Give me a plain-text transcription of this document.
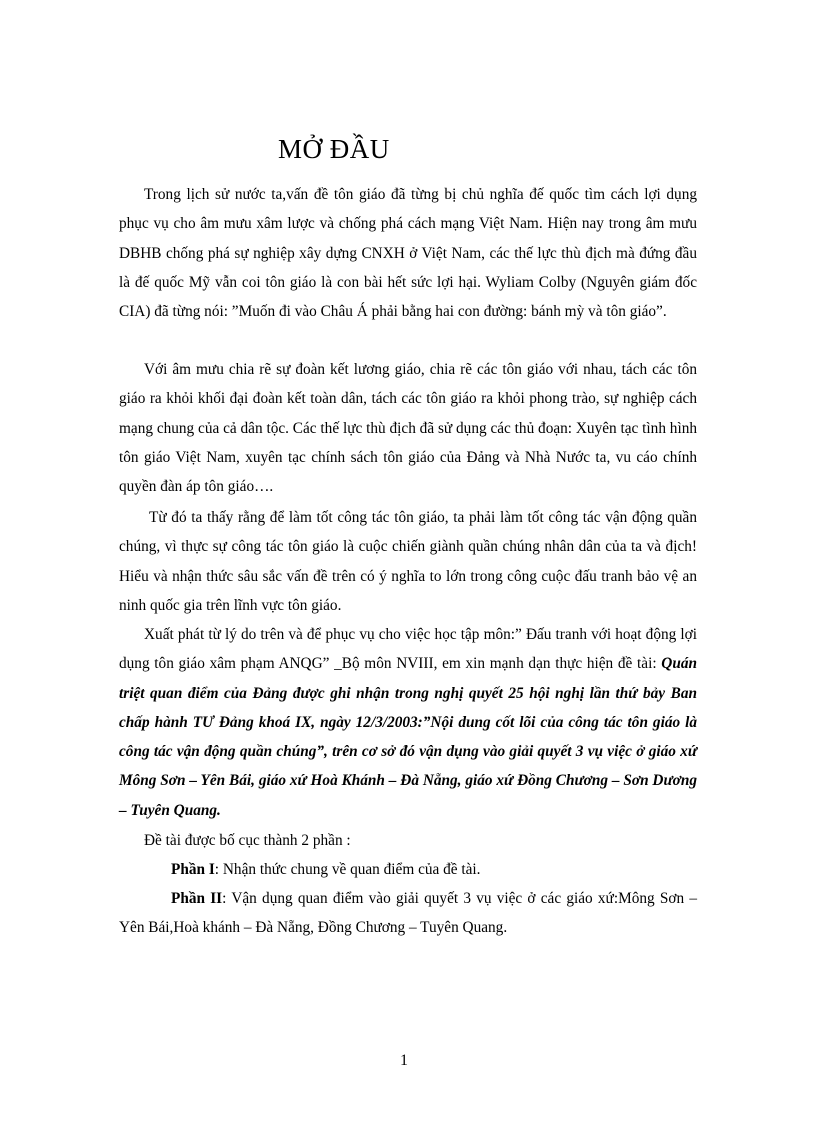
MỞ ĐẦU

Trong lịch sử nước ta,vấn đề tôn giáo đã từng bị chủ nghĩa đế quốc tìm cách lợi dụng phục vụ cho âm mưu xâm lược và chống phá cách mạng Việt Nam. Hiện nay trong âm mưu DBHB chống phá sự nghiệp xây dựng CNXH ở Việt Nam, các thế lực thù địch mà đứng đầu là đế quốc Mỹ vẫn coi tôn giáo là con bài hết sức lợi hại. Wyliam Colby (Nguyên giám đốc CIA) đã từng nói: ”Muốn đi vào Châu Á phải bằng hai con đường: bánh mỳ và tôn giáo”.

Với âm mưu chia rẽ sự đoàn kết lương giáo, chia rẽ các tôn giáo với nhau, tách các tôn giáo ra khỏi khối đại đoàn kết toàn dân, tách các tôn giáo ra khỏi phong trào, sự nghiệp cách mạng chung của cả dân tộc. Các thế lực thù địch đã sử dụng các thủ đoạn: Xuyên tạc tình hình tôn giáo Việt Nam, xuyên tạc chính sách tôn giáo của Đảng và Nhà Nước ta, vu cáo chính quyền đàn áp tôn giáo….

Từ đó ta thấy rằng để làm tốt công tác tôn giáo, ta phải làm tốt công tác vận động quần chúng, vì thực sự công tác tôn giáo là cuộc chiến giành quần chúng nhân dân của ta và địch! Hiểu và nhận thức sâu sắc vấn đề trên có ý nghĩa to lớn trong công cuộc đấu tranh bảo vệ an ninh quốc gia trên lĩnh vực tôn giáo.

Xuất phát từ lý do trên và để phục vụ cho việc học tập môn:” Đấu tranh với hoạt động lợi dụng tôn giáo xâm phạm ANQG” _Bộ môn NVIII, em xin mạnh dạn thực hiện đề tài: Quán triệt quan điểm của Đảng được ghi nhận trong nghị quyết 25 hội nghị lần thứ bảy Ban chấp hành TƯ Đảng khoá IX, ngày 12/3/2003:”Nội dung cốt lõi của công tác tôn giáo là công tác vận động quần chúng”, trên cơ sở đó vận dụng vào giải quyết 3 vụ việc ở giáo xứ Mông Sơn – Yên Bái, giáo xứ Hoà Khánh – Đà Nẵng, giáo xứ Đồng Chương – Sơn Dương – Tuyên Quang.

Đề tài được bố cục thành 2 phần :

Phần I: Nhận thức chung về quan điểm của đề tài.

Phần II: Vận dụng quan điểm vào giải quyết 3 vụ việc ở các giáo xứ:Mông Sơn – Yên Bái,Hoà khánh – Đà Nẵng, Đồng Chương – Tuyên Quang.

1
